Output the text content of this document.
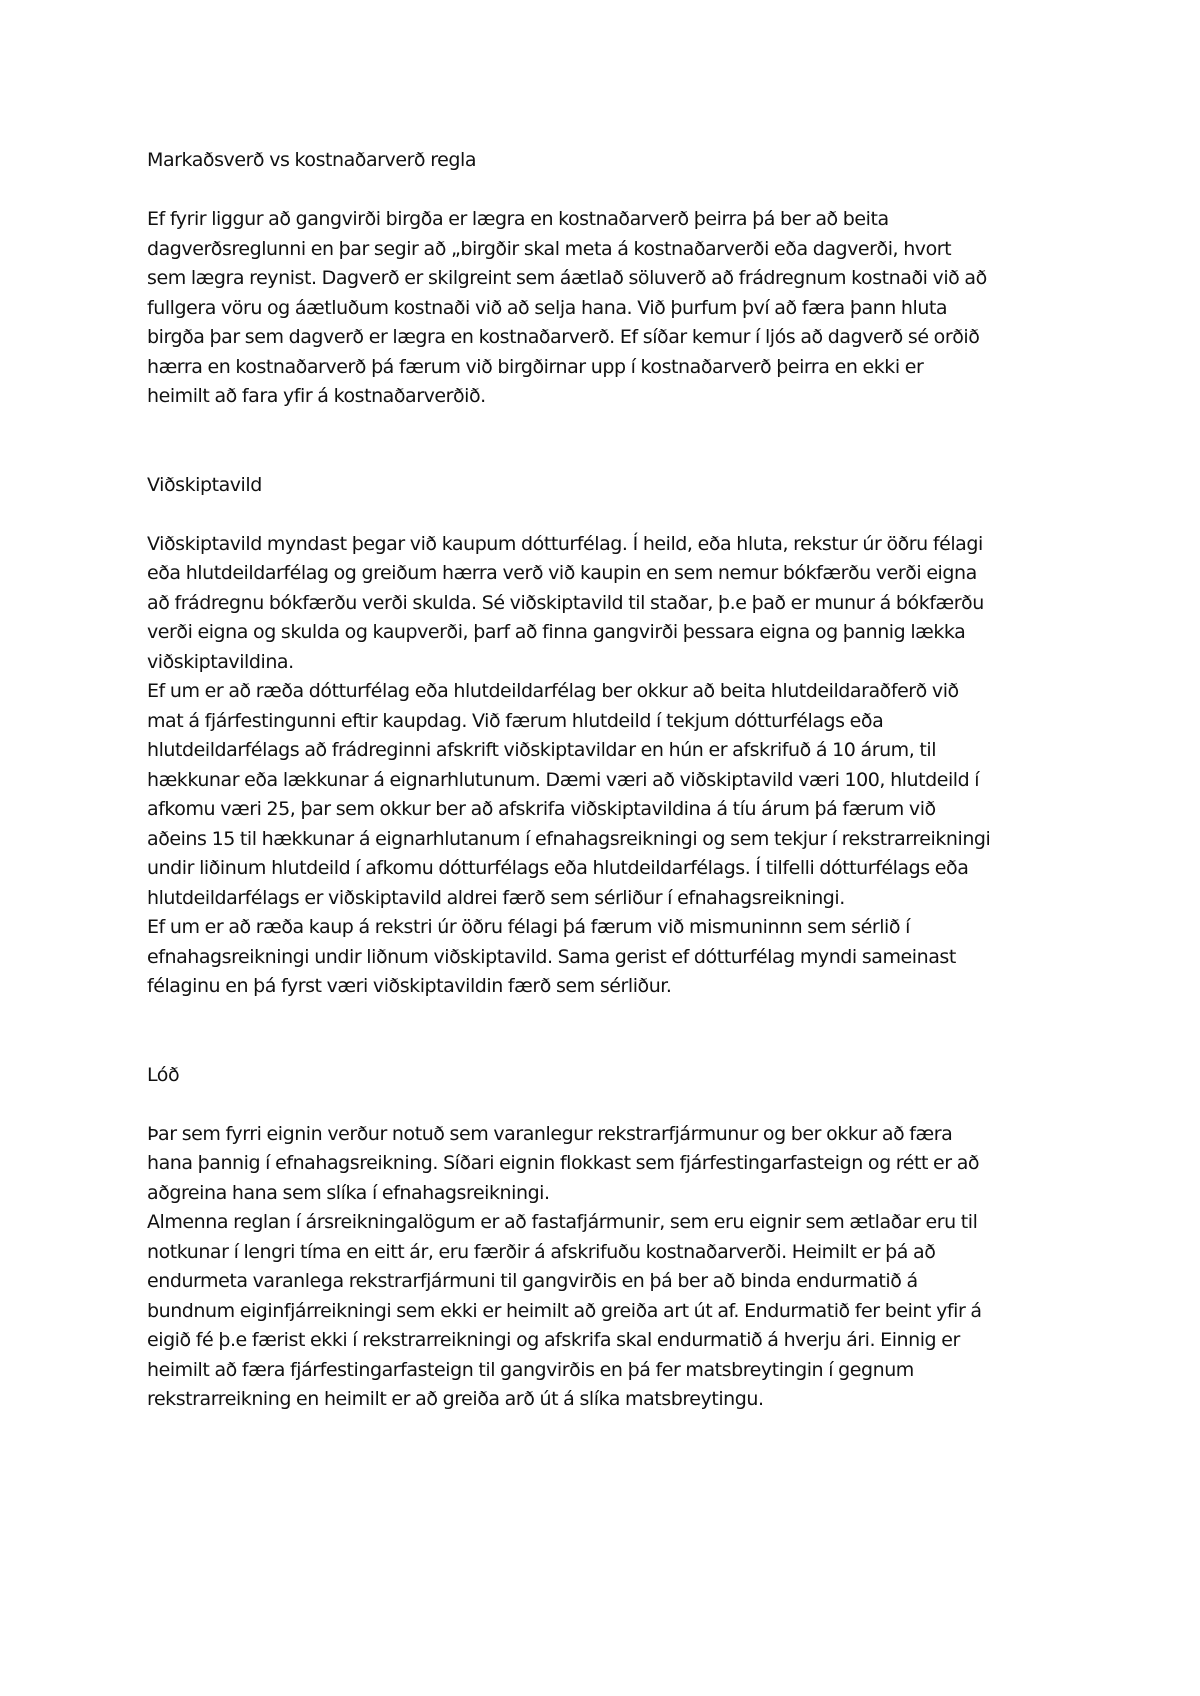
Markaðsverð vs kostnaðarverð regla

Ef fyrir liggur að gangvirði birgða er lægra en kostnaðarverð þeirra þá ber að beita

dagverðsreglunni en þar segir að „birgðir skal meta á kostnaðarverði eða dagverði, hvort

sem lægra reynist. Dagverð er skilgreint sem áætlað söluverð að frádregnum kostnaði við að

fullgera vöru og áætluðum kostnaði við að selja hana. Við þurfum því að færa þann hluta

birgða þar sem dagverð er lægra en kostnaðarverð. Ef síðar kemur í ljós að dagverð sé orðið

hærra en kostnaðarverð þá færum við birgðirnar upp í kostnaðarverð þeirra en ekki er

heimilt að fara yfir á kostnaðarverðið.

Viðskiptavild

Viðskiptavild myndast þegar við kaupum dótturfélag. Í heild, eða hluta, rekstur úr öðru félagi

eða hlutdeildarfélag og greiðum hærra verð við kaupin en sem nemur bókfærðu verði eigna

að frádregnu bókfærðu verði skulda. Sé viðskiptavild til staðar, þ.e það er munur á bókfærðu

verði eigna og skulda og kaupverði, þarf að finna gangvirði þessara eigna og þannig lækka

viðskiptavildina.

Ef um er að ræða dótturfélag eða hlutdeildarfélag ber okkur að beita hlutdeildaraðferð við

mat á fjárfestingunni eftir kaupdag. Við færum hlutdeild í tekjum dótturfélags eða

hlutdeildarfélags að frádreginni afskrift viðskiptavildar en hún er afskrifuð á 10 árum, til

hækkunar eða lækkunar á eignarhlutunum. Dæmi væri að viðskiptavild væri 100, hlutdeild í

afkomu væri 25, þar sem okkur ber að afskrifa viðskiptavildina á tíu árum þá færum við

aðeins 15 til hækkunar á eignarhlutanum í efnahagsreikningi og sem tekjur í rekstrarreikningi

undir liðinum hlutdeild í afkomu dótturfélags eða hlutdeildarfélags. Í tilfelli dótturfélags eða

hlutdeildarfélags er viðskiptavild aldrei færð sem sérliður í efnahagsreikningi.

Ef um er að ræða kaup á rekstri úr öðru félagi þá færum við mismuninnn sem sérlið í

efnahagsreikningi undir liðnum viðskiptavild. Sama gerist ef dótturfélag myndi sameinast

félaginu en þá fyrst væri viðskiptavildin færð sem sérliður.

Lóð

Þar sem fyrri eignin verður notuð sem varanlegur rekstrarfjármunur og ber okkur að færa

hana þannig í efnahagsreikning. Síðari eignin flokkast sem fjárfestingarfasteign og rétt er að

aðgreina hana sem slíka í efnahagsreikningi.

Almenna reglan í ársreikningalögum er að fastafjármunir, sem eru eignir sem ætlaðar eru til

notkunar í lengri tíma en eitt ár, eru færðir á afskrifuðu kostnaðarverði. Heimilt er þá að

endurmeta varanlega rekstrarfjármuni til gangvirðis en þá ber að binda endurmatið á

bundnum eiginfjárreikningi sem ekki er heimilt að greiða art út af. Endurmatið fer beint yfir á

eigið fé þ.e færist ekki í rekstrarreikningi og afskrifa skal endurmatið á hverju ári. Einnig er

heimilt að færa fjárfestingarfasteign til gangvirðis en þá fer matsbreytingin í gegnum

rekstrarreikning en heimilt er að greiða arð út á slíka matsbreytingu.
